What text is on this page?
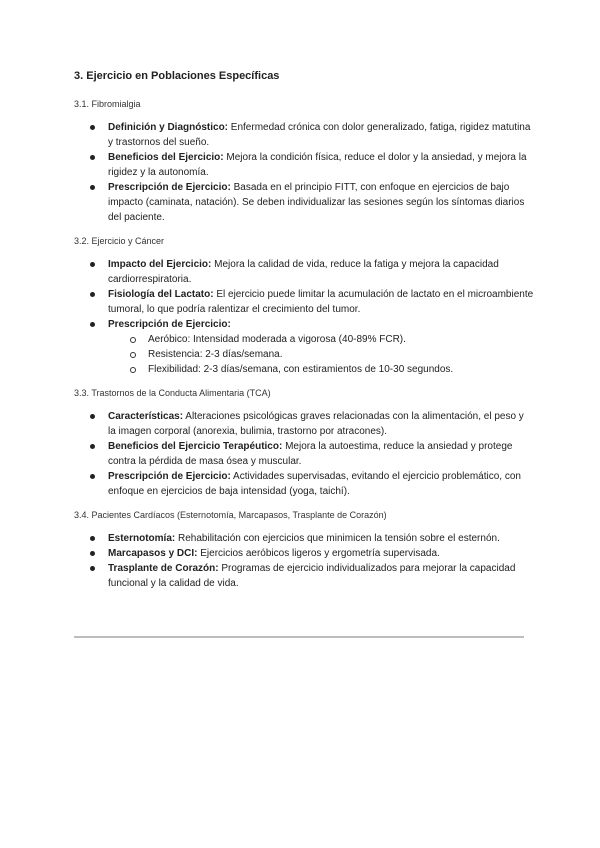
3. Ejercicio en Poblaciones Específicas
3.1. Fibromialgia
Definición y Diagnóstico: Enfermedad crónica con dolor generalizado, fatiga, rigidez matutina y trastornos del sueño.
Beneficios del Ejercicio: Mejora la condición física, reduce el dolor y la ansiedad, y mejora la rigidez y la autonomía.
Prescripción de Ejercicio: Basada en el principio FITT, con enfoque en ejercicios de bajo impacto (caminata, natación). Se deben individualizar las sesiones según los síntomas diarios del paciente.
3.2. Ejercicio y Cáncer
Impacto del Ejercicio: Mejora la calidad de vida, reduce la fatiga y mejora la capacidad cardiorrespiratoria.
Fisiología del Lactato: El ejercicio puede limitar la acumulación de lactato en el microambiente tumoral, lo que podría ralentizar el crecimiento del tumor.
Prescripción de Ejercicio:
Aeróbico: Intensidad moderada a vigorosa (40-89% FCR).
Resistencia: 2-3 días/semana.
Flexibilidad: 2-3 días/semana, con estiramientos de 10-30 segundos.
3.3. Trastornos de la Conducta Alimentaria (TCA)
Características: Alteraciones psicológicas graves relacionadas con la alimentación, el peso y la imagen corporal (anorexia, bulimia, trastorno por atracones).
Beneficios del Ejercicio Terapéutico: Mejora la autoestima, reduce la ansiedad y protege contra la pérdida de masa ósea y muscular.
Prescripción de Ejercicio: Actividades supervisadas, evitando el ejercicio problemático, con enfoque en ejercicios de baja intensidad (yoga, taichí).
3.4. Pacientes Cardíacos (Esternotomía, Marcapasos, Trasplante de Corazón)
Esternotomía: Rehabilitación con ejercicios que minimicen la tensión sobre el esternón.
Marcapasos y DCI: Ejercicios aeróbicos ligeros y ergometría supervisada.
Trasplante de Corazón: Programas de ejercicio individualizados para mejorar la capacidad funcional y la calidad de vida.
